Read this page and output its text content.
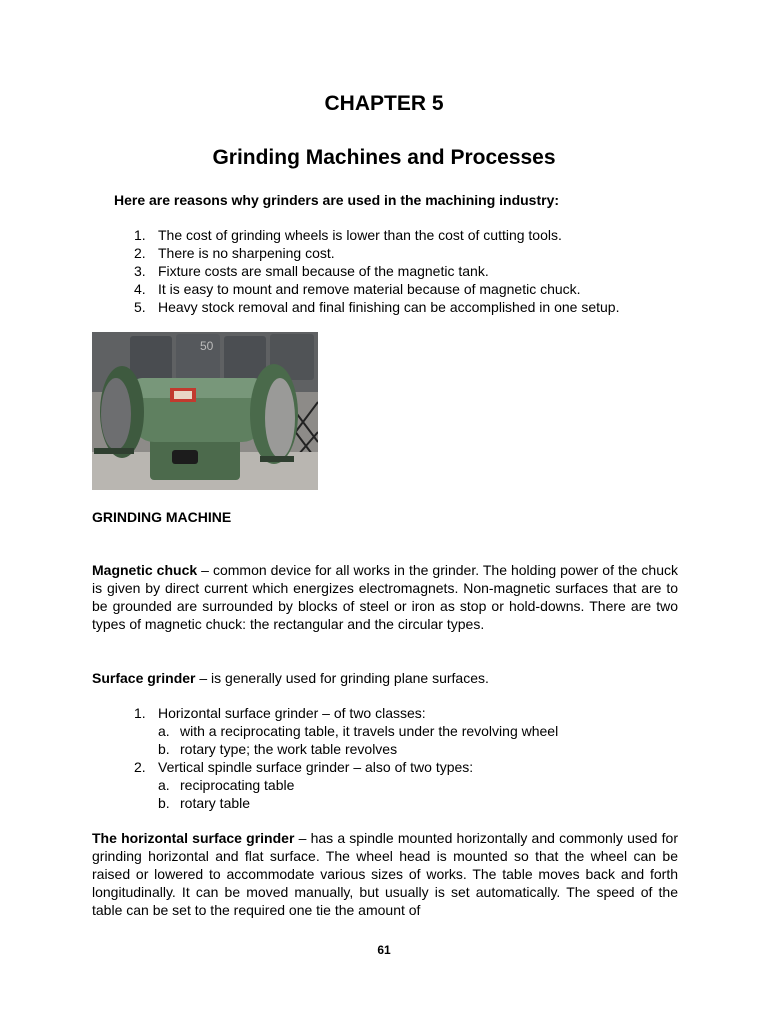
CHAPTER 5
Grinding Machines and Processes
Here are reasons why grinders are used in the machining industry:
1. The cost of grinding wheels is lower than the cost of cutting tools.
2. There is no sharpening cost.
3. Fixture costs are small because of the magnetic tank.
4. It is easy to mount and remove material because of magnetic chuck.
5. Heavy stock removal and final finishing can be accomplished in one setup.
50
GRINDING MACHINE

Magnetic chuck – common device for all works in the grinder. The holding power of the chuck is given by direct current which energizes electromagnets. Non-magnetic surfaces that are to be grounded are surrounded by blocks of steel or iron as stop or hold-downs. There are two types of magnetic chuck: the rectangular and the circular types.

Surface grinder – is generally used for grinding plane surfaces.

1. Horizontal surface grinder – of two classes:
a. with a reciprocating table, it travels under the revolving wheel
b. rotary type; the work table revolves
2. Vertical spindle surface grinder – also of two types:
a. reciprocating table
b. rotary table

The horizontal surface grinder – has a spindle mounted horizontally and commonly used for grinding horizontal and flat surface. The wheel head is mounted so that the wheel can be raised or lowered to accommodate various sizes of works. The table moves back and forth longitudinally. It can be moved manually, but usually is set automatically. The speed of the table can be set to the required one tie the amount of

61
